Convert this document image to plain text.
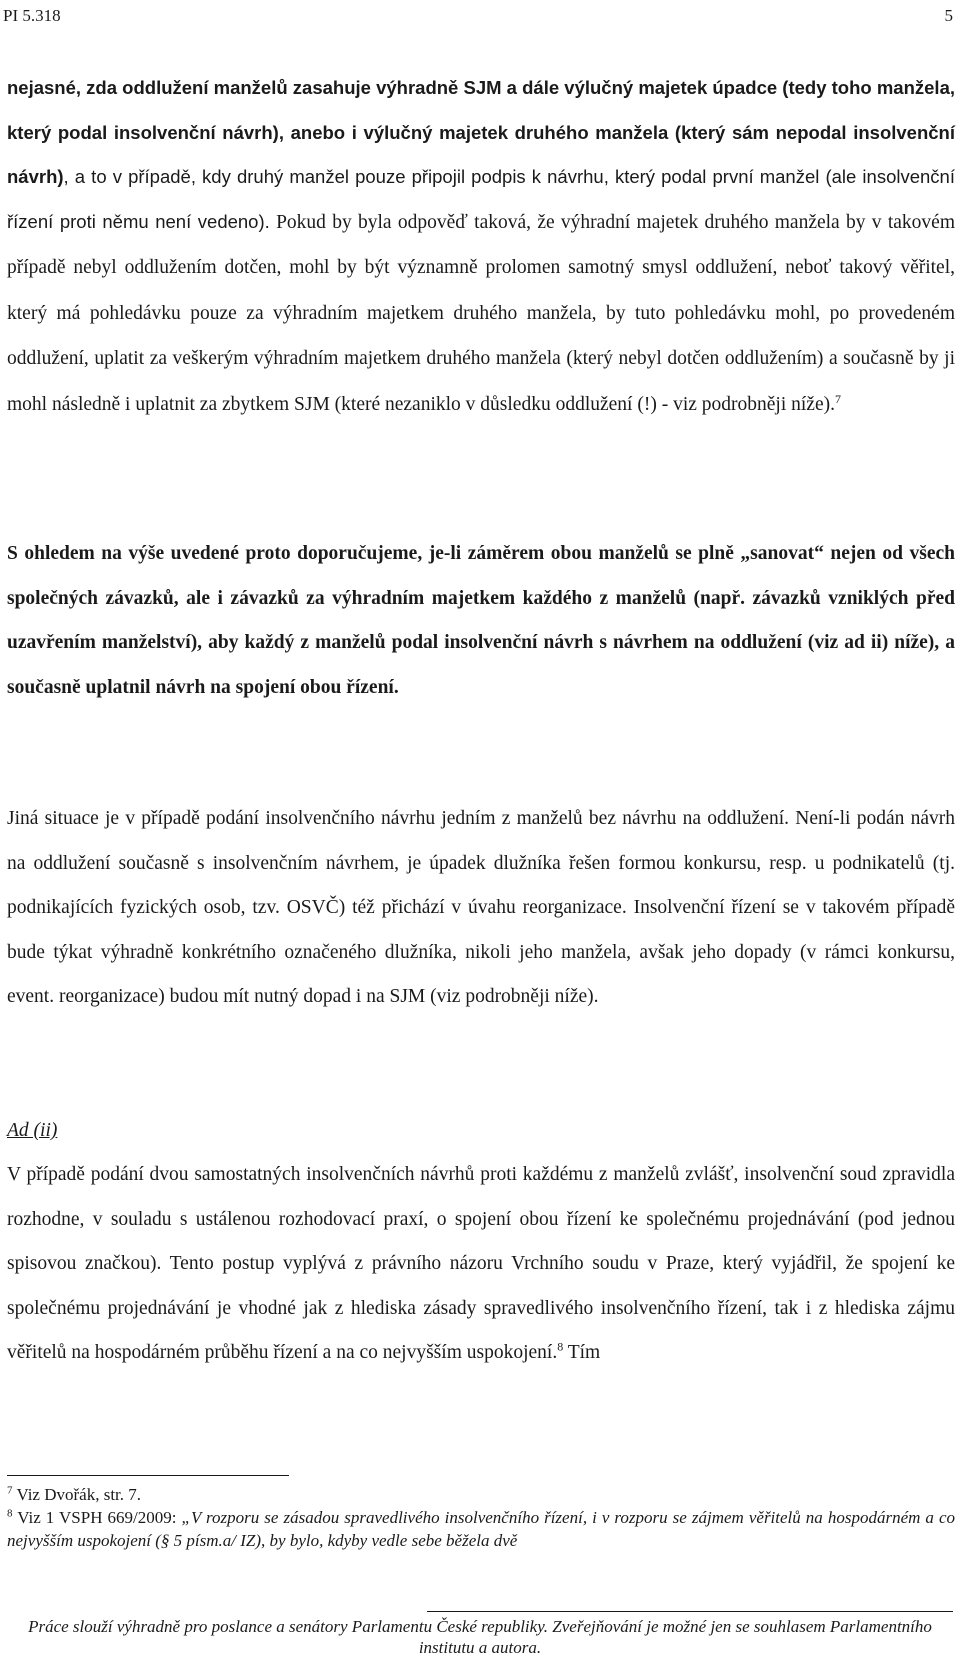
PI 5.318	5

nejasné, zda oddlužení manželů zasahuje výhradně SJM a dále výlučný majetek úpadce (tedy toho manžela, který podal insolvenční návrh), anebo i výlučný majetek druhého manžela (který sám nepodal insolvenční návrh), a to v případě, kdy druhý manžel pouze připojil podpis k návrhu, který podal první manžel (ale insolvenční řízení proti němu není vedeno). Pokud by byla odpověď taková, že výhradní majetek druhého manžela by v takovém případě nebyl oddlužením dotčen, mohl by být významně prolomen samotný smysl oddlužení, neboť takový věřitel, který má pohledávku pouze za výhradním majetkem druhého manžela, by tuto pohledávku mohl, po provedeném oddlužení, uplatit za veškerým výhradním majetkem druhého manžela (který nebyl dotčen oddlužením) a současně by ji mohl následně i uplatnit za zbytkem SJM (které nezaniklo v důsledku oddlužení (!) - viz podrobněji níže).$^7$

S ohledem na výše uvedené proto doporučujeme, je-li záměrem obou manželů se plně „sanovat“ nejen od všech společných závazků, ale i závazků za výhradním majetkem každého z manželů (např. závazků vzniklých před uzavřením manželství), aby každý z manželů podal insolvenční návrh s návrhem na oddlužení (viz ad ii) níže), a současně uplatnil návrh na spojení obou řízení.

Jiná situace je v případě podání insolvenčního návrhu jedním z manželů bez návrhu na oddlužení. Není-li podán návrh na oddlužení současně s insolvenčním návrhem, je úpadek dlužníka řešen formou konkursu, resp. u podnikatelů (tj. podnikajících fyzických osob, tzv. OSVČ) též přichází v úvahu reorganizace. Insolvenční řízení se v takovém případě bude týkat výhradně konkrétního označeného dlužníka, nikoli jeho manžela, avšak jeho dopady (v rámci konkursu, event. reorganizace) budou mít nutný dopad i na SJM (viz podrobněji níže).

Ad (ii)

V případě podání dvou samostatných insolvenčních návrhů proti každému z manželů zvlášť, insolvenční soud zpravidla rozhodne, v souladu s ustálenou rozhodovací praxí, o spojení obou řízení ke společnému projednávání (pod jednou spisovou značkou). Tento postup vyplývá z právního názoru Vrchního soudu v Praze, který vyjádřil, že spojení ke společnému projednávání je vhodné jak z hlediska zásady spravedlivého insolvenčního řízení, tak i z hlediska zájmu věřitelů na hospodárném průběhu řízení a na co nejvyšším uspokojení.$^8$ Tím

$^7$ Viz Dvořák, str. 7.

$^8$ Viz 1 VSPH 669/2009: „V rozporu se zásadou spravedlivého insolvenčního řízení, i v rozporu se zájmem věřitelů na hospodárném a co nejvyšším uspokojení (§ 5 písm.a/ IZ), by bylo, kdyby vedle sebe běžela dvě

Práce slouží výhradně pro poslance a senátory Parlamentu České republiky. Zveřejňování je možné jen se souhlasem Parlamentního institutu a autora.
